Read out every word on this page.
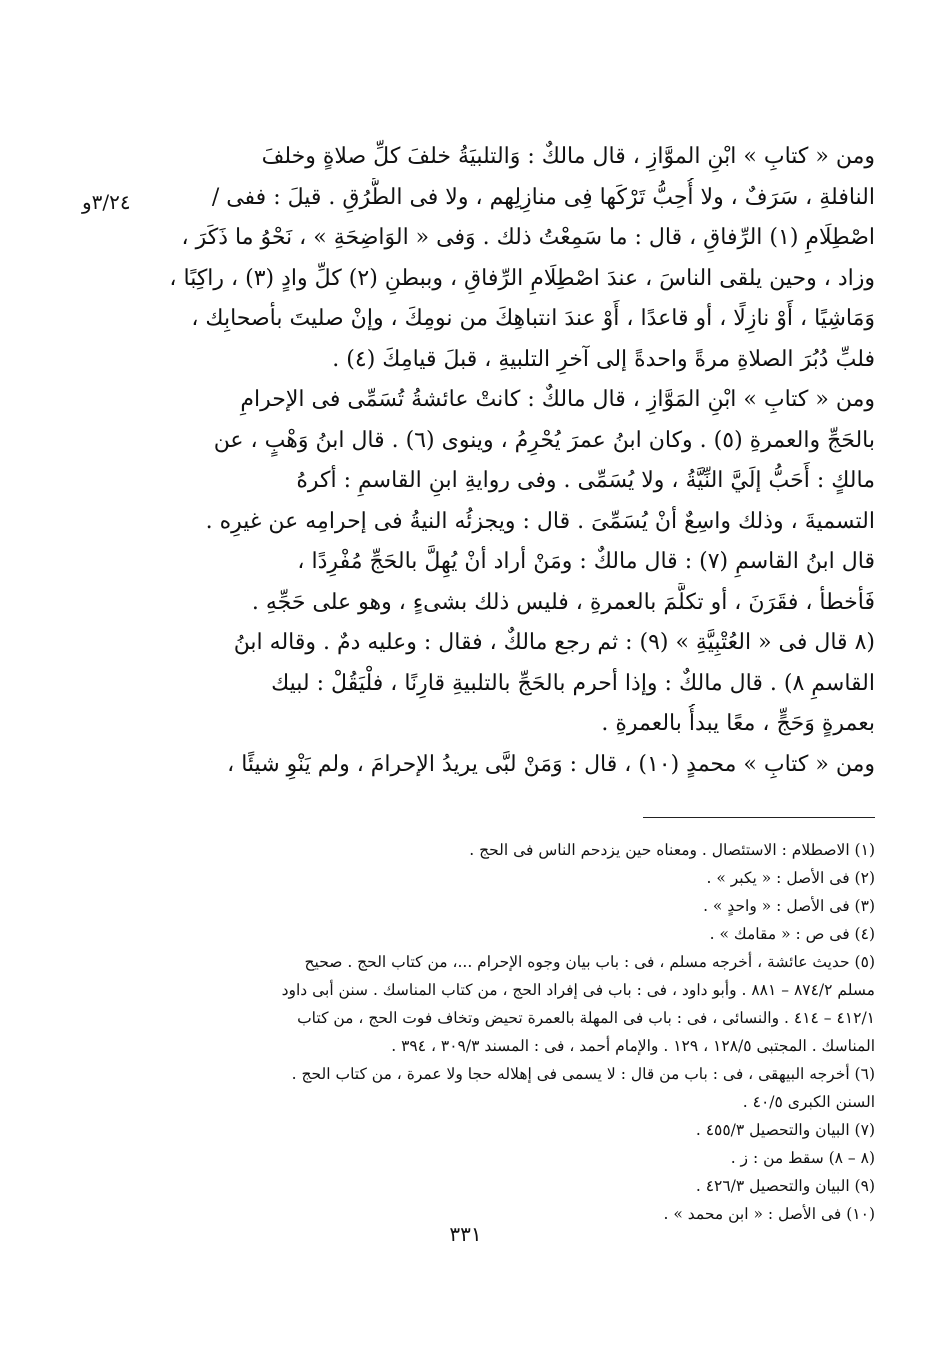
٣/٢٤و
ومن « كتابِ » ابْنِ الموَّازِ ، قال مالكٌ : وَالتلبيَةُ خلفَ كلِّ صلاةٍ وخلفَ
النافلةِ ، سَرَفٌ ، ولا أُحِبُّ تَرْكَها فِى منازِلِهم ، ولا فى الطُّرُقِ . قيلَ : ففى /
اصْطِلَامِ (١) الرِّفاقِ ، قال : ما سَمِعْتُ ذلك . وَفى « الوَاضِحَةِ » ، نَحْوُ ما ذَكَرَ ،
وزاد ، وحين يلقى الناسَ ، عندَ اصْطِلَامِ الرِّفاقِ ، وببطنِ (٢) كلِّ وادٍ (٣) ، راكِبًا ،
وَمَاشِيًا ، أَوْ نازِلًا ، أو قاعدًا ، أَوْ عندَ انتباهِكَ من نومِكَ ، وإنْ صليتَ بأصحابِك ،
فلبِّ دُبُرَ الصلاةِ مرةً واحدةً إلى آخرِ التلبيةِ ، قبلَ قيامِكَ (٤) .
ومن « كتابِ » ابْنِ المَوَّازِ ، قال مالكٌ : كانتْ عائشةُ تُسَمِّى فى الإحرامِ
بالحَجِّ والعمرةِ (٥) . وكان ابنُ عمرَ يُحْرِمُ ، وينوى (٦) . قال ابنُ وَهْبٍ ، عن
مالكٍ : أَحَبُّ إلَيَّ النِّيَّةُ ، ولا يُسَمِّى . وفى روايةِ ابنِ القاسمِ : أكرهُ
التسميةَ ، وذلك واسِعٌ أنْ يُسَمِّىَ . قال : ويجزئُه النيةُ فى إحرامِه عن غيرِه .
قال ابنُ القاسمِ (٧) : قال مالكٌ : ومَنْ أراد أنْ يُهِلَّ بالحَجِّ مُفْرِدًا ،
فَأخطأ ، فقَرَنَ ، أو تكلَّمَ بالعمرةِ ، فليس ذلك بشىءٍ ، وهو على حَجِّهِ .
(٨ قال فى « العُتْبِيَّةِ » (٩) : ثم رجع مالكٌ ، فقال : وعليه دمٌ . وقاله ابنُ
القاسمِ ٨) . قال مالكٌ : وإذا أحرم بالحَجِّ بالتلبيةِ قارِنًا ، فلْيَقُلْ : لبيك
بعمرةٍ وَحَجٍّ ، معًا يبدأُ بالعمرةِ .
ومن « كتابِ » محمدٍ (١٠) ، قال : وَمَنْ لبَّى يريدُ الإحرامَ ، ولم يَنْوِ شيئًا ،
(١) الاصطلام : الاستئصال . ومعناه حين يزدحم الناس فى الحج .
(٢) فى الأصل : « يكبر » .
(٣) فى الأصل : « واحدٍ » .
(٤) فى ص : « مقامك » .
(٥) حديث عائشة ، أخرجه مسلم ، فى : باب بيان وجوه الإحرام ...، من كتاب الحج . صحيح
مسلم ٨٧٤/٢ – ٨٨١ . وأبو داود ، فى : باب فى إفراد الحج ، من كتاب المناسك . سنن أبى داود
٤١٢/١ – ٤١٤ . والنسائى ، فى : باب فى المهلة بالعمرة تحيض وتخاف فوت الحج ، من كتاب
المناسك . المجتبى ١٢٨/٥ ، ١٢٩ . والإمام أحمد ، فى : المسند ٣٠٩/٣ ، ٣٩٤ .
(٦) أخرجه البيهقى ، فى : باب من قال : لا يسمى فى إهلاله حجا ولا عمرة ، من كتاب الحج .
السنن الكبرى ٤٠/٥ .
(٧) البيان والتحصيل ٤٥٥/٣ .
(٨ – ٨) سقط من : ز .
(٩) البيان والتحصيل ٤٢٦/٣ .
(١٠) فى الأصل : « ابن محمد » .
٣٣١
